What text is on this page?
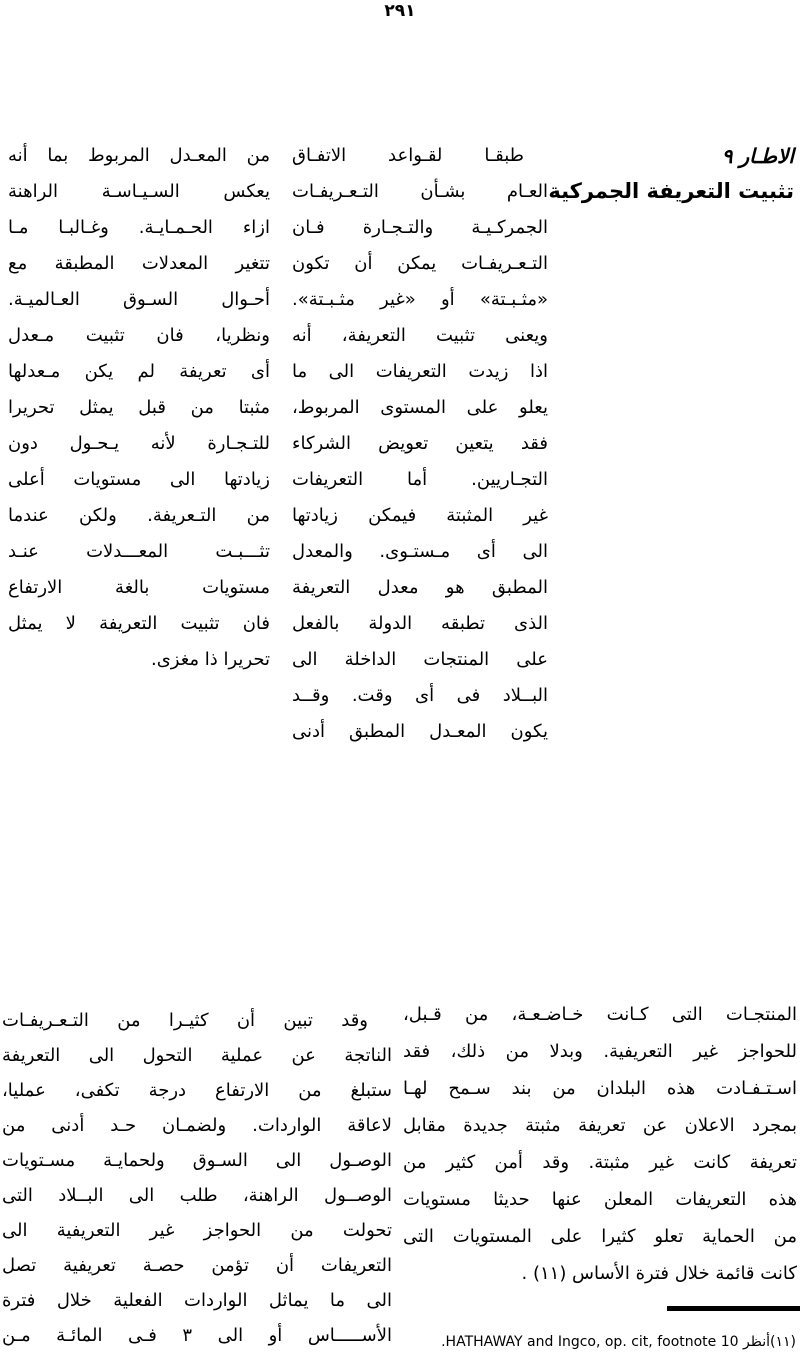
٢٩١
الاطـار ٩
تثبيت التعريفة الجمركية
طبقـا لقـواعد الاتفـاق
العـام بشـأن التـعـريفـات
الجمركـيـة والتـجـارة فـان
التـعـريفـات يمكن أن تكون
«مثـبـتة» أو «غير مثـبـتة».
ويعنى تثبيت التعريفة، أنه
اذا زيدت التعريفات الى ما
يعلو على المستوى المربوط،
فقد يتعين تعويض الشركاء
التجـاريين. أما التعريفات
غير المثبتة فيمكن زيادتها
الى أى مـستـوى. والمعدل
المطبق هو معدل التعريفة
الذى تطبقه الدولة بالفعل
على المنتجات الداخلة الى
البــلاد فى أى وقت. وقــد
يكون المعـدل المطبق أدنى
من المعـدل المربوط بما أنه
يعكس السـيـاسـة الراهنة
ازاء الحـمـايـة. وغـالبـا مـا
تتغير المعدلات المطبقة مع
أحـوال السـوق العـالميـة.
ونظريا، فان تثبيت مـعدل
أى تعريفة لم يكن مـعدلها
مثبتا من قبل يمثل تحريرا
للتـجـارة لأنه يـحـول دون
زيادتها الى مستويات أعلى
من التـعريفة. ولكن عندما
تثـــبـت المعـــدلات عنـد
مستويات بالغة الارتفاع
فان تثبيت التعريفة لا يمثل
تحريرا ذا مغزى.
المنتجـات التى كـانت خـاضـعـة، من قـبل،
للحواجز غير التعريفية. وبدلا من ذلك، فقد
اسـتـفـادت هذه البلدان من بند سـمح لهـا
بمجرد الاعلان عن تعريفة مثبتة جديدة مقابل
تعريفة كانت غير مثبتة. وقد أمن كثير من
هذه التعريفات المعلن عنها حديثا مستويات
من الحماية تعلو كثيرا على المستويات التى
كانت قائمة خلال فترة الأساس (١١) .
وقد تبين أن كثيـرا من التـعـريفـات
الناتجة عن عملية التحول الى التعريفة
ستبلغ من الارتفاع درجة تكفى، عمليا،
لاعاقة الواردات. ولضمـان حـد أدنى من
الوصـول الى السـوق ولحمايـة مسـتويات
الوصــول الراهنة، طلب الى البــلاد التى
تحولت من الحواجز غير التعريفية الى
التعريفات أن تؤمن حصـة تعريفية تصل
الى ما يماثل الواردات الفعلية خلال فترة
الأســـــاس أو الى ٣ فـى المائـة مـن	(١١)أنظر HATHAWAY and Ingco, op. cit, footnote 10.
